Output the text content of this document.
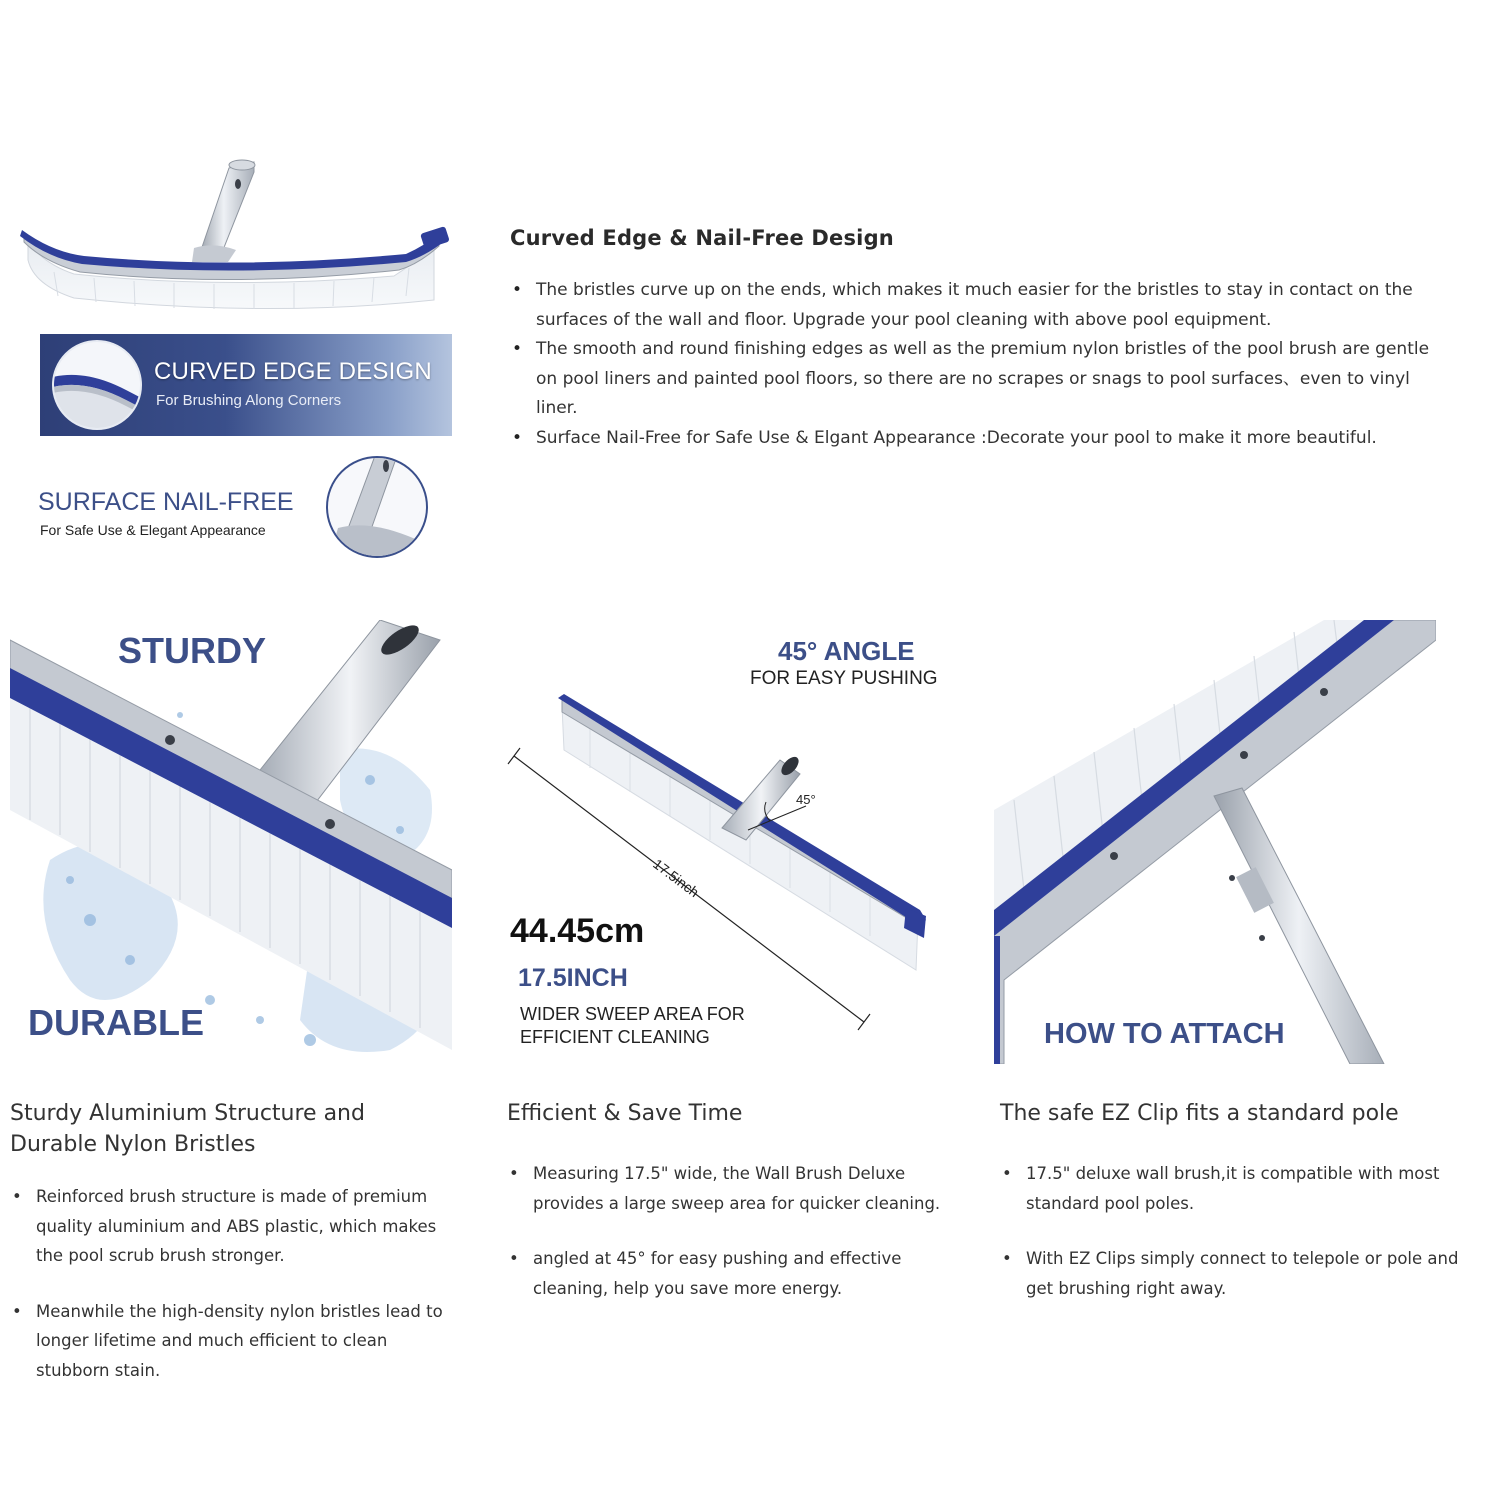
CURVED EDGE DESIGN
For Brushing Along Corners
SURFACE NAIL-FREE
For Safe Use & Elegant Appearance
Curved Edge & Nail-Free Design
• The bristles curve up on the ends, which makes it much easier for the bristles to stay in contact on the surfaces of the wall and floor. Upgrade your pool cleaning with above pool equipment.
• The smooth and round finishing edges as well as the premium nylon bristles of the pool brush are gentle on pool liners and painted pool floors, so there are no scrapes or snags to pool surfaces、even to vinyl liner.
• Surface Nail-Free for Safe Use & Elgant Appearance :Decorate your pool to make it more beautiful.
STURDY
DURABLE
45°
17.5inch
45° ANGLE
FOR EASY PUSHING
44.45cm
17.5INCH
WIDER SWEEP AREA FOR
EFFICIENT CLEANING	HOW TO ATTACH
Sturdy Aluminium Structure and
Durable Nylon Bristles
• Reinforced brush structure is made of premium quality aluminium and ABS plastic, which makes the pool scrub brush stronger.
• Meanwhile the high-density nylon bristles lead to longer lifetime and much efficient to clean stubborn stain.
Efficient & Save Time
• Measuring 17.5" wide, the Wall Brush Deluxe provides a large sweep area for quicker cleaning.
• angled at 45° for easy pushing and effective cleaning, help you save more energy.
The safe EZ Clip fits a standard pole
• 17.5" deluxe wall brush,it is compatible with most standard pool poles.
• With EZ Clips simply connect to telepole or pole and get brushing right away.
